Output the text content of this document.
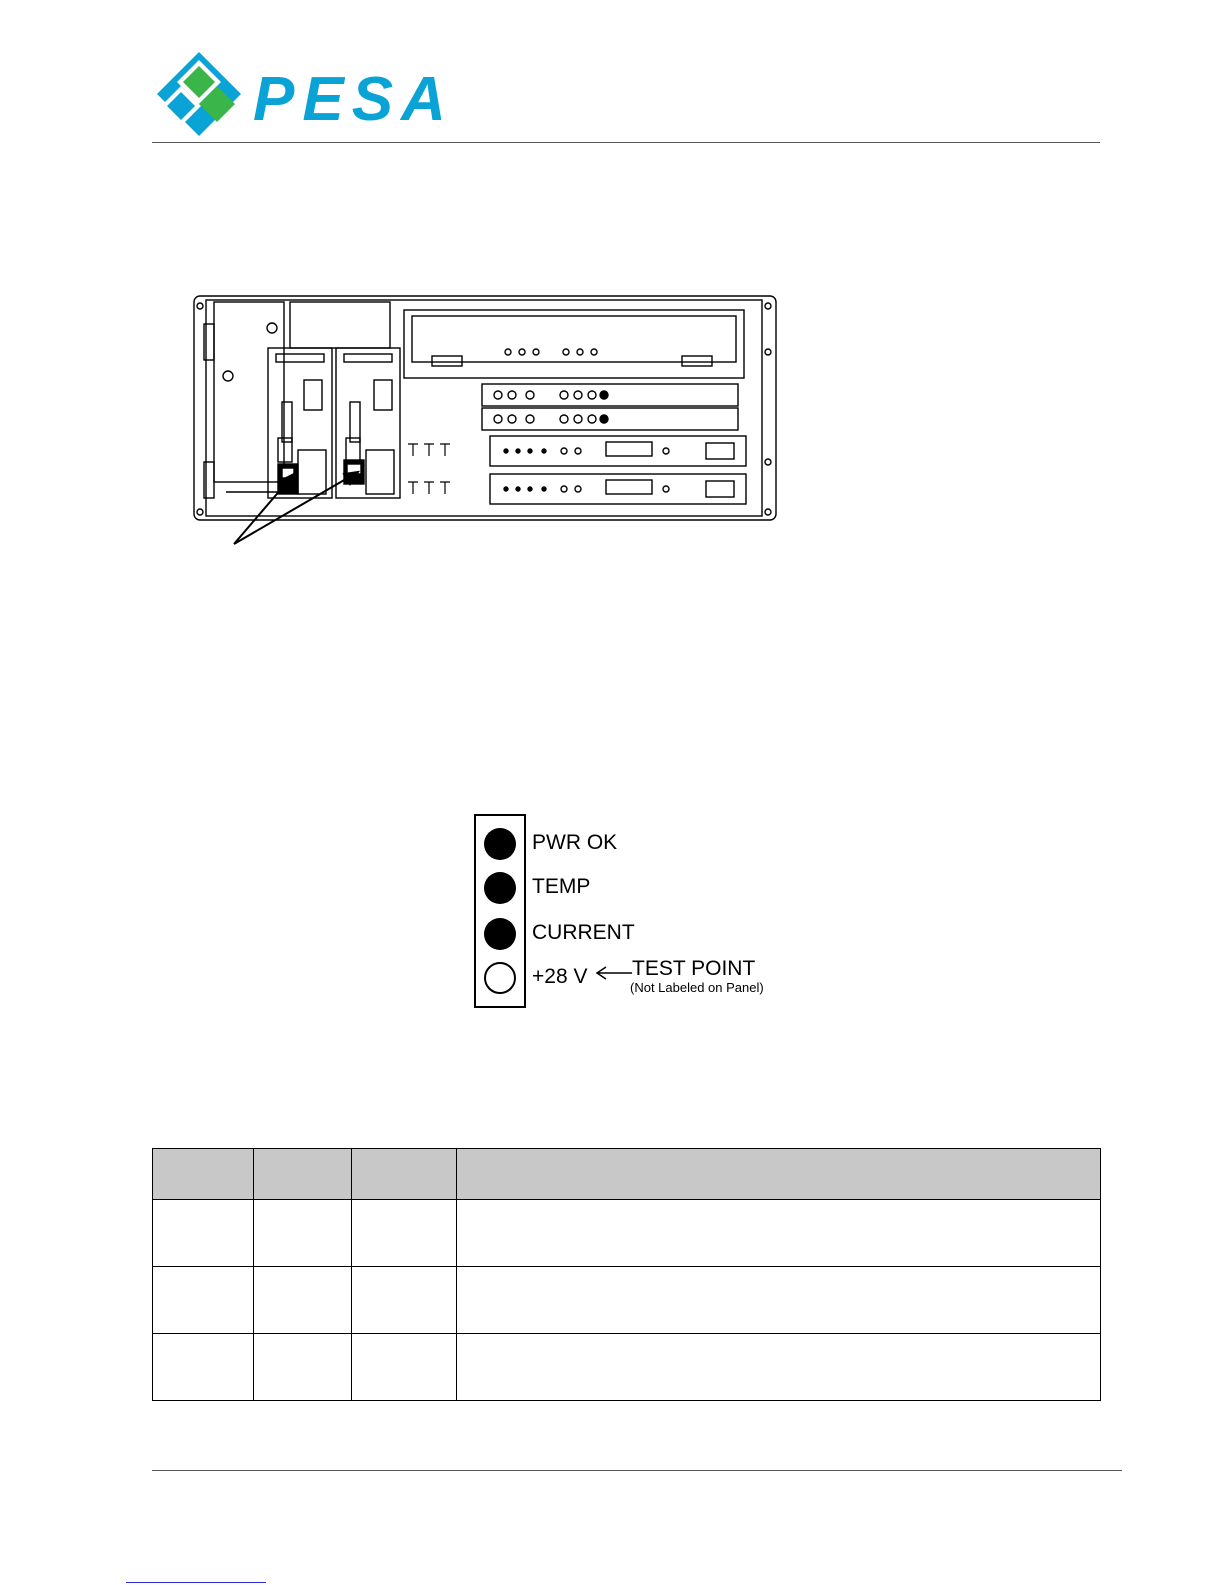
PESA
PWR OK
TEMP
CURRENT
+28 V TEST POINT
(Not Labeled on Panel)
